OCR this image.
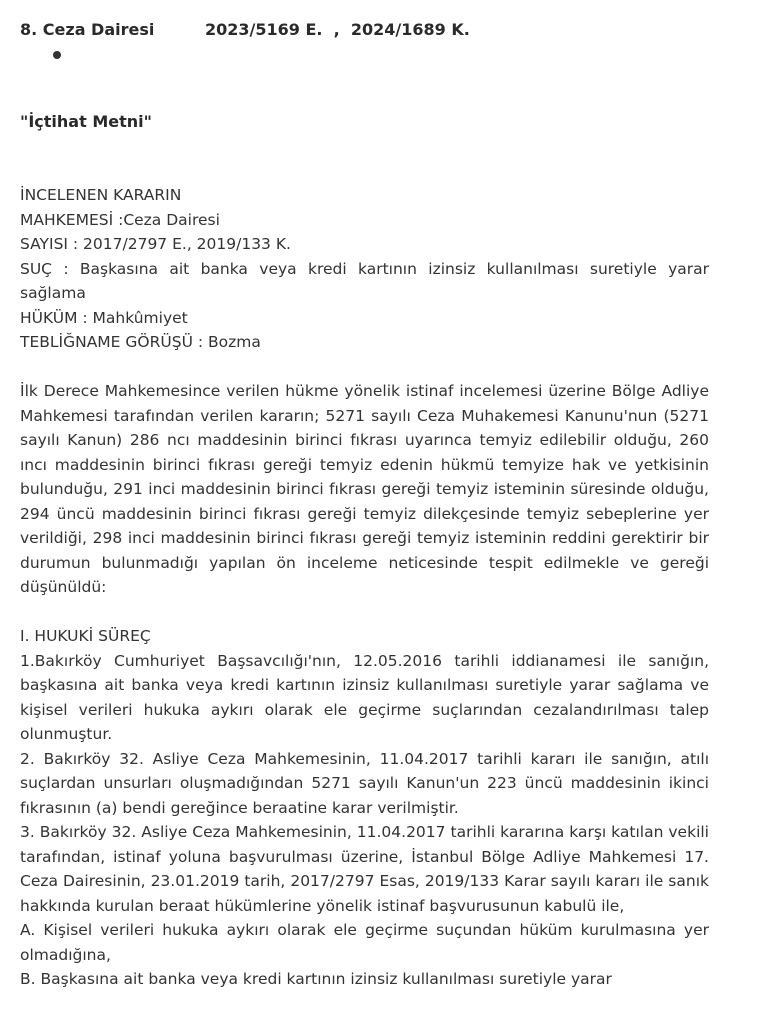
8. Ceza Dairesi	2023/5169 E.  ,  2024/1689 K.
"İçtihat Metni"

İNCELENEN KARARIN

MAHKEMESİ :Ceza Dairesi

SAYISI : 2017/2797 E., 2019/133 K.

SUÇ : Başkasına ait banka veya kredi kartının izinsiz kullanılması suretiyle yarar sağlama

HÜKÜM : Mahkûmiyet

TEBLİĞNAME GÖRÜŞÜ : Bozma

İlk Derece Mahkemesince verilen hükme yönelik istinaf incelemesi üzerine Bölge Adliye Mahkemesi tarafından verilen kararın; 5271 sayılı Ceza Muhakemesi Kanunu'nun (5271 sayılı Kanun) 286 ncı maddesinin birinci fıkrası uyarınca temyiz edilebilir olduğu, 260 ıncı maddesinin birinci fıkrası gereği temyiz edenin hükmü temyize hak ve yetkisinin bulunduğu, 291 inci maddesinin birinci fıkrası gereği temyiz isteminin süresinde olduğu, 294 üncü maddesinin birinci fıkrası gereği temyiz dilekçesinde temyiz sebeplerine yer verildiği, 298 inci maddesinin birinci fıkrası gereği temyiz isteminin reddini gerektirir bir durumun bulunmadığı yapılan ön inceleme neticesinde tespit edilmekle ve gereği düşünüldü:

I. HUKUKİ SÜREÇ

1.Bakırköy Cumhuriyet Başsavcılığı'nın, 12.05.2016 tarihli iddianamesi ile sanığın, başkasına ait banka veya kredi kartının izinsiz kullanılması suretiyle yarar sağlama ve kişisel verileri hukuka aykırı olarak ele geçirme suçlarından cezalandırılması talep olunmuştur.

2. Bakırköy 32. Asliye Ceza Mahkemesinin, 11.04.2017 tarihli kararı ile sanığın, atılı suçlardan unsurları oluşmadığından 5271 sayılı Kanun'un 223 üncü maddesinin ikinci fıkrasının (a) bendi gereğince beraatine karar verilmiştir.

3. Bakırköy 32. Asliye Ceza Mahkemesinin, 11.04.2017 tarihli kararına karşı katılan vekili tarafından, istinaf yoluna başvurulması üzerine, İstanbul Bölge Adliye Mahkemesi 17. Ceza Dairesinin, 23.01.2019 tarih, 2017/2797 Esas, 2019/133 Karar sayılı kararı ile sanık hakkında kurulan beraat hükümlerine yönelik istinaf başvurusunun kabulü ile,

A. Kişisel verileri hukuka aykırı olarak ele geçirme suçundan hüküm kurulmasına yer olmadığına,

B. Başkasına ait banka veya kredi kartının izinsiz kullanılması suretiyle yarar
